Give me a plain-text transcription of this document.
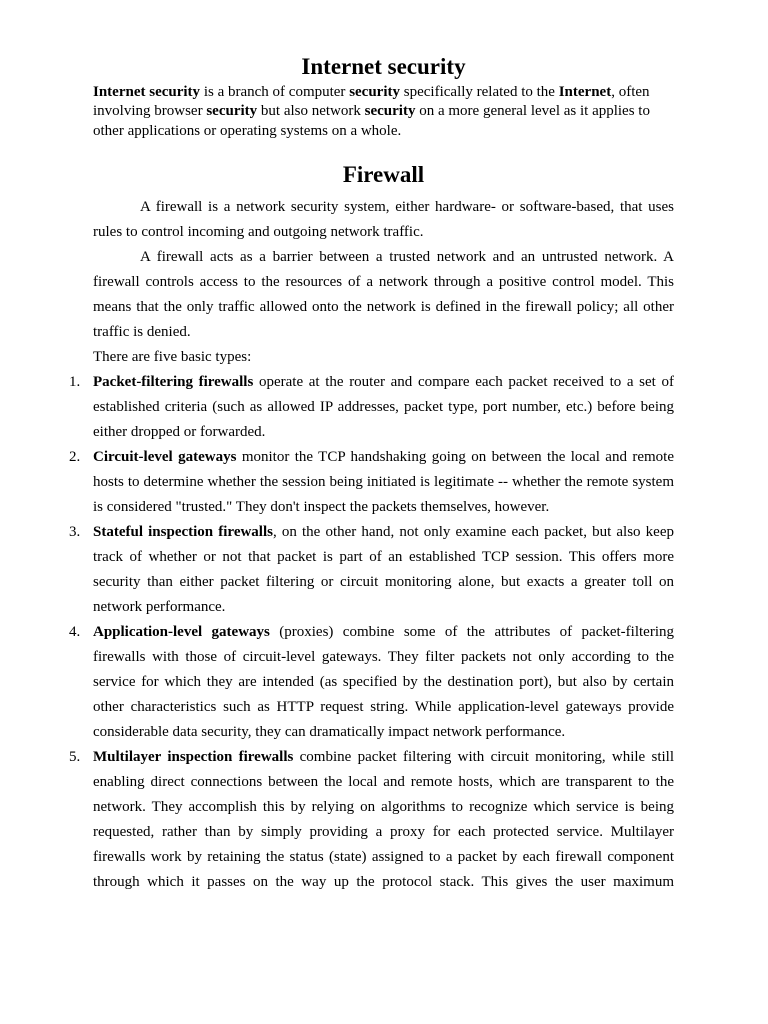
Internet security

Internet security is a branch of computer security specifically related to the Internet, often involving browser security but also network security on a more general level as it applies to other applications or operating systems on a whole.

Firewall

A firewall is a network security system, either hardware- or software-based, that uses rules to control incoming and outgoing network traffic.

A firewall acts as a barrier between a trusted network and an untrusted network. A firewall controls access to the resources of a network through a positive control model. This means that the only traffic allowed onto the network is defined in the firewall policy; all other traffic is denied.

There are five basic types:

1. Packet-filtering firewalls operate at the router and compare each packet received to a set of established criteria (such as allowed IP addresses, packet type, port number, etc.) before being either dropped or forwarded.
2. Circuit-level gateways monitor the TCP handshaking going on between the local and remote hosts to determine whether the session being initiated is legitimate -- whether the remote system is considered "trusted." They don't inspect the packets themselves, however.
3. Stateful inspection firewalls, on the other hand, not only examine each packet, but also keep track of whether or not that packet is part of an established TCP session. This offers more security than either packet filtering or circuit monitoring alone, but exacts a greater toll on network performance.
4. Application-level gateways (proxies) combine some of the attributes of packet-filtering firewalls with those of circuit-level gateways. They filter packets not only according to the service for which they are intended (as specified by the destination port), but also by certain other characteristics such as HTTP request string. While application-level gateways provide considerable data security, they can dramatically impact network performance.
5. Multilayer inspection firewalls combine packet filtering with circuit monitoring, while still enabling direct connections between the local and remote hosts, which are transparent to the network. They accomplish this by relying on algorithms to recognize which service is being requested, rather than by simply providing a proxy for each protected service. Multilayer firewalls work by retaining the status (state) assigned to a packet by each firewall component through which it passes on the way up the protocol stack. This gives the user maximum
